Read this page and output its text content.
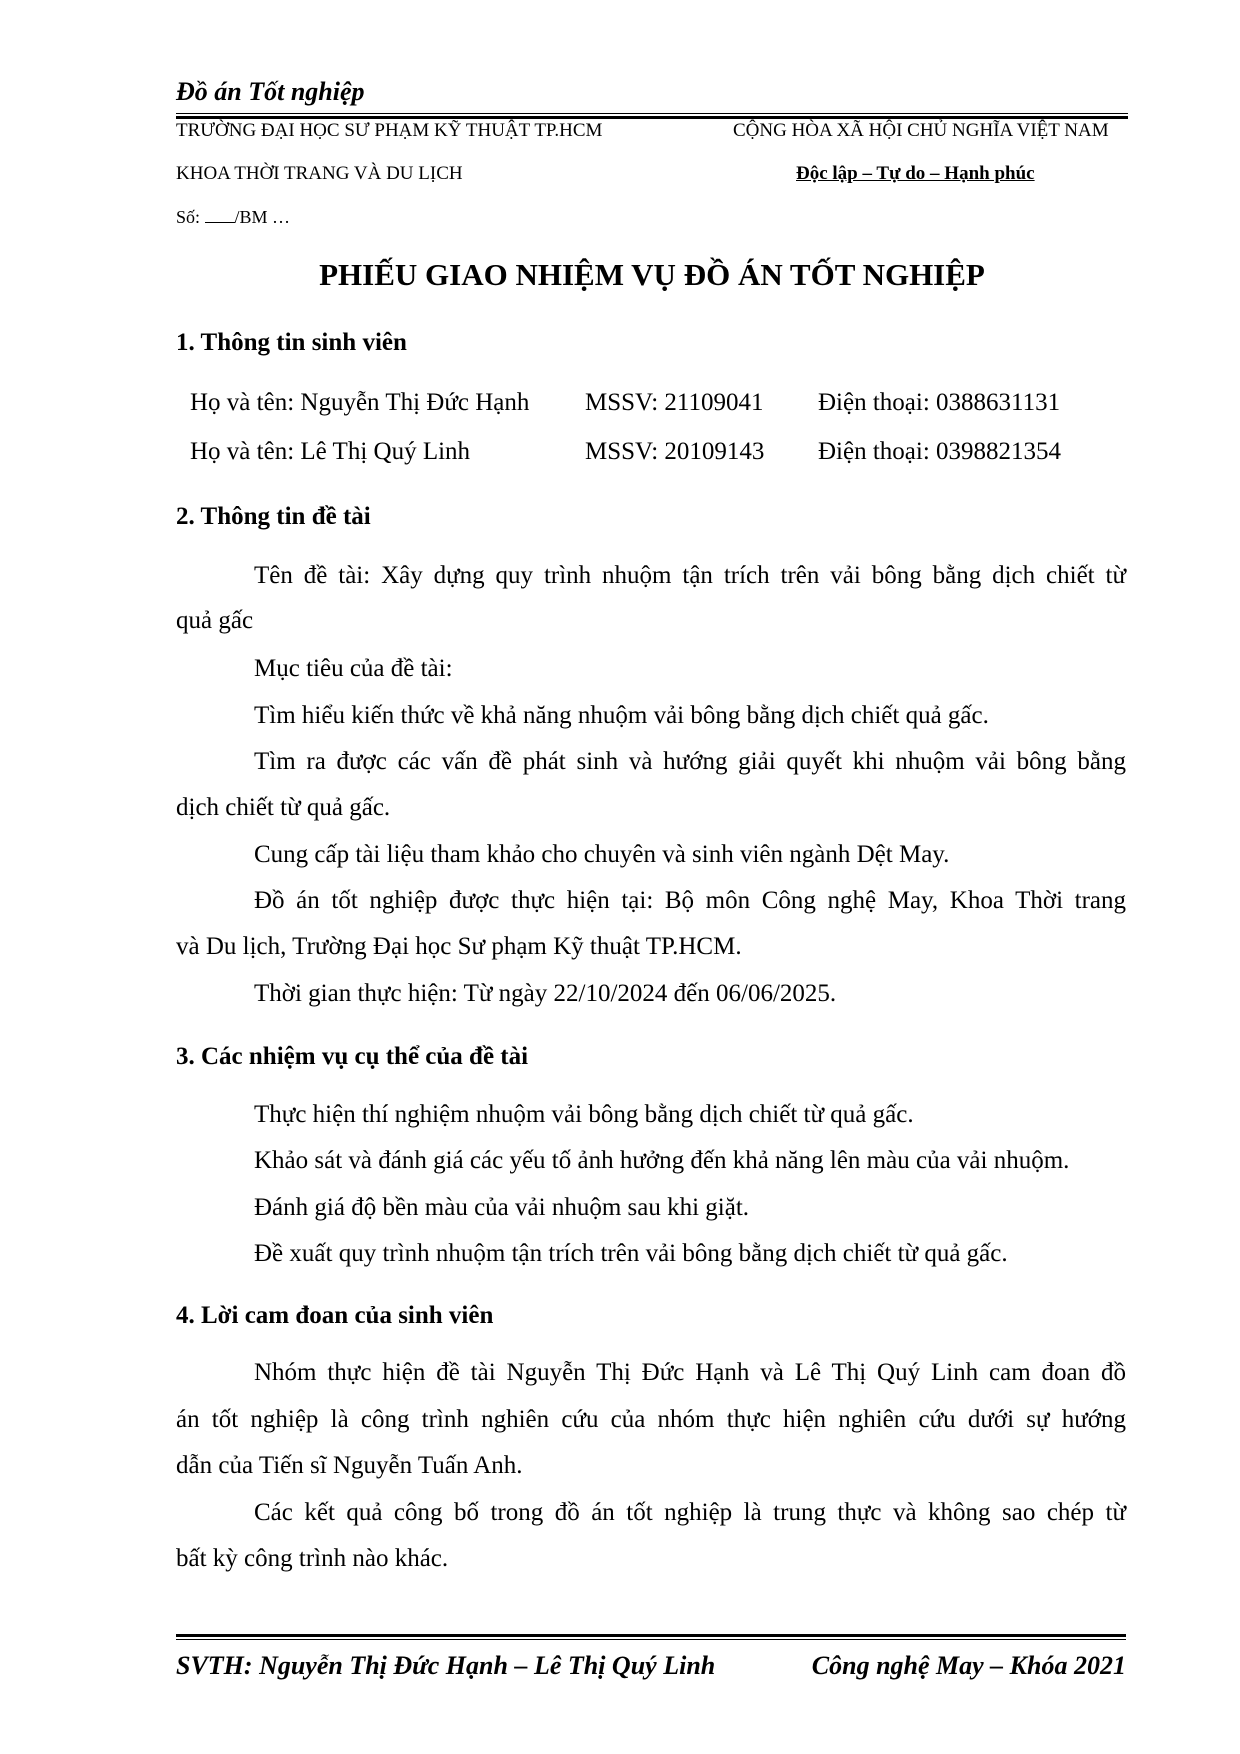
Đồ án Tốt nghiệp
TRƯỜNG ĐẠI HỌC SƯ PHẠM KỸ THUẬT TP.HCM	CỘNG HÒA XÃ HỘI CHỦ NGHĨA VIỆT NAM
KHOA THỜI TRANG VÀ DU LỊCH	Độc lập – Tự do – Hạnh phúc
Số: /BM …
PHIẾU GIAO NHIỆM VỤ ĐỒ ÁN TỐT NGHIỆP
1. Thông tin sinh viên
Họ và tên: Nguyễn Thị Đức Hạnh MSSV: 21109041 Điện thoại: 0388631131
Họ và tên: Lê Thị Quý Linh	MSSV: 20109143 Điện thoại: 0398821354
2. Thông tin đề tài
Tên đề tài: Xây dựng quy trình nhuộm tận trích trên vải bông bằng dịch chiết từ
quả gấc
Mục tiêu của đề tài:
Tìm hiểu kiến thức về khả năng nhuộm vải bông bằng dịch chiết quả gấc.
Tìm ra được các vấn đề phát sinh và hướng giải quyết khi nhuộm vải bông bằng
dịch chiết từ quả gấc.
Cung cấp tài liệu tham khảo cho chuyên và sinh viên ngành Dệt May.
Đồ án tốt nghiệp được thực hiện tại: Bộ môn Công nghệ May, Khoa Thời trang
và Du lịch, Trường Đại học Sư phạm Kỹ thuật TP.HCM.
Thời gian thực hiện: Từ ngày 22/10/2024 đến 06/06/2025.
3. Các nhiệm vụ cụ thể của đề tài
Thực hiện thí nghiệm nhuộm vải bông bằng dịch chiết từ quả gấc.
Khảo sát và đánh giá các yếu tố ảnh hưởng đến khả năng lên màu của vải nhuộm.
Đánh giá độ bền màu của vải nhuộm sau khi giặt.
Đề xuất quy trình nhuộm tận trích trên vải bông bằng dịch chiết từ quả gấc.
4. Lời cam đoan của sinh viên
Nhóm thực hiện đề tài Nguyễn Thị Đức Hạnh và Lê Thị Quý Linh cam đoan đồ
án tốt nghiệp là công trình nghiên cứu của nhóm thực hiện nghiên cứu dưới sự hướng
dẫn của Tiến sĩ Nguyễn Tuấn Anh.
Các kết quả công bố trong đồ án tốt nghiệp là trung thực và không sao chép từ
bất kỳ công trình nào khác.
SVTH: Nguyễn Thị Đức Hạnh – Lê Thị Quý Linh	Công nghệ May – Khóa 2021
